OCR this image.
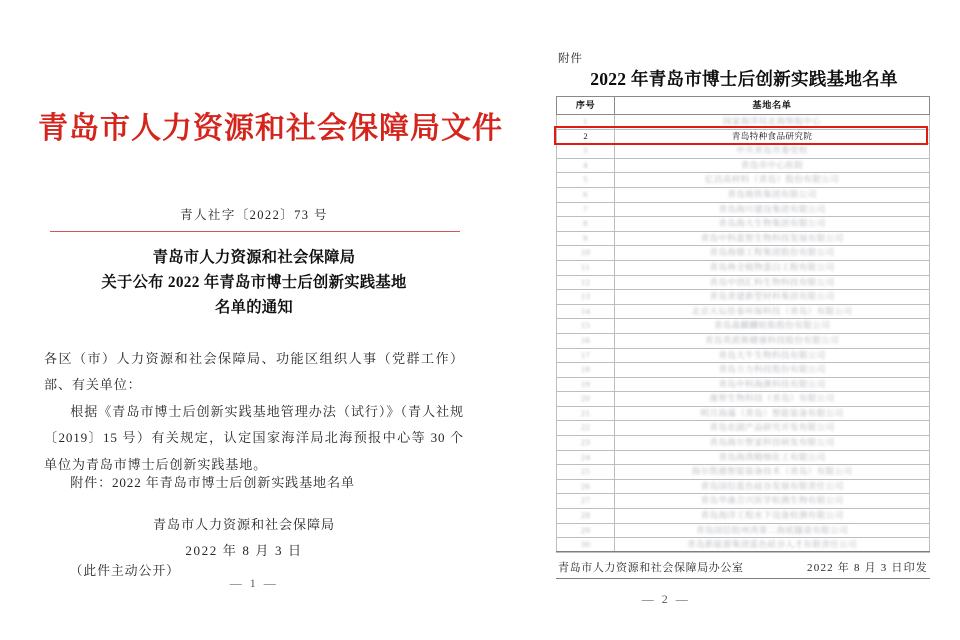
青岛市人力资源和社会保障局文件
青人社字〔2022〕73 号
青岛市人力资源和社会保障局
关于公布 2022 年青岛市博士后创新实践基地
名单的通知

各区（市）人力资源和社会保障局、功能区组织人事（党群工作）部、有关单位：

根据《青岛市博士后创新实践基地管理办法（试行）》（青人社规〔2019〕15 号）有关规定，认定国家海洋局北海预报中心等 30 个单位为青岛市博士后创新实践基地。

附件：2022 年青岛市博士后创新实践基地名单
青岛市人力资源和社会保障局
2022 年 8 月 3 日
（此件主动公开）
— 1 —
附件
2022 年青岛市博士后创新实践基地名单
序号	基地名单
1	国家海洋局北海预报中心
2	青岛特种食品研究院
3	中共青岛市委党校
4	青岛市中心医院
5	亿昌高材料（青岛）股份有限公司
6	青岛地铁集团有限公司
7	青岛海川建设集团有限公司
8	青岛海大生物集团有限公司
9	青岛中科蓝智生物科技发展有限公司
10	青岛海德工程集团股份有限公司
11	青岛林全植物蛋白工程有限公司
12	青岛中创汇科生物科技有限公司
13	青岛青建新型材料集团有限公司
14	北京天坛佳泰环保科技（青岛）有限公司
15	青岛森麒麟轮胎股份有限公司
16	青岛英派斯健康科技股份有限公司
17	青岛大牛生物科技有限公司
18	青岛万力科技股份有限公司
19	青岛中科海澳科技有限公司
20	康智生物科技（青岛）有限公司
21	明月海藻（青岛）智能装备有限公司
22	青岛农副产品研究开发有限公司
23	青岛海尔智家科技研发有限公司
24	青岛海湾精细化工有限公司
25	海尔凯德智能装备技术（青岛）有限公司
26	青岛国信蓝色硅谷发展有限责任公司
27	青岛华康合兴医学检测生物有限公司
28	青岛海洋工程水下设备检测有限公司
29	青岛国信胶州湾第二海底隧道有限公司
30	青岛新能源集团蓝色硅谷人才有限责任公司
青岛市人力资源和社会保障局办公室	2022 年 8 月 3 日印发
— 2 —
